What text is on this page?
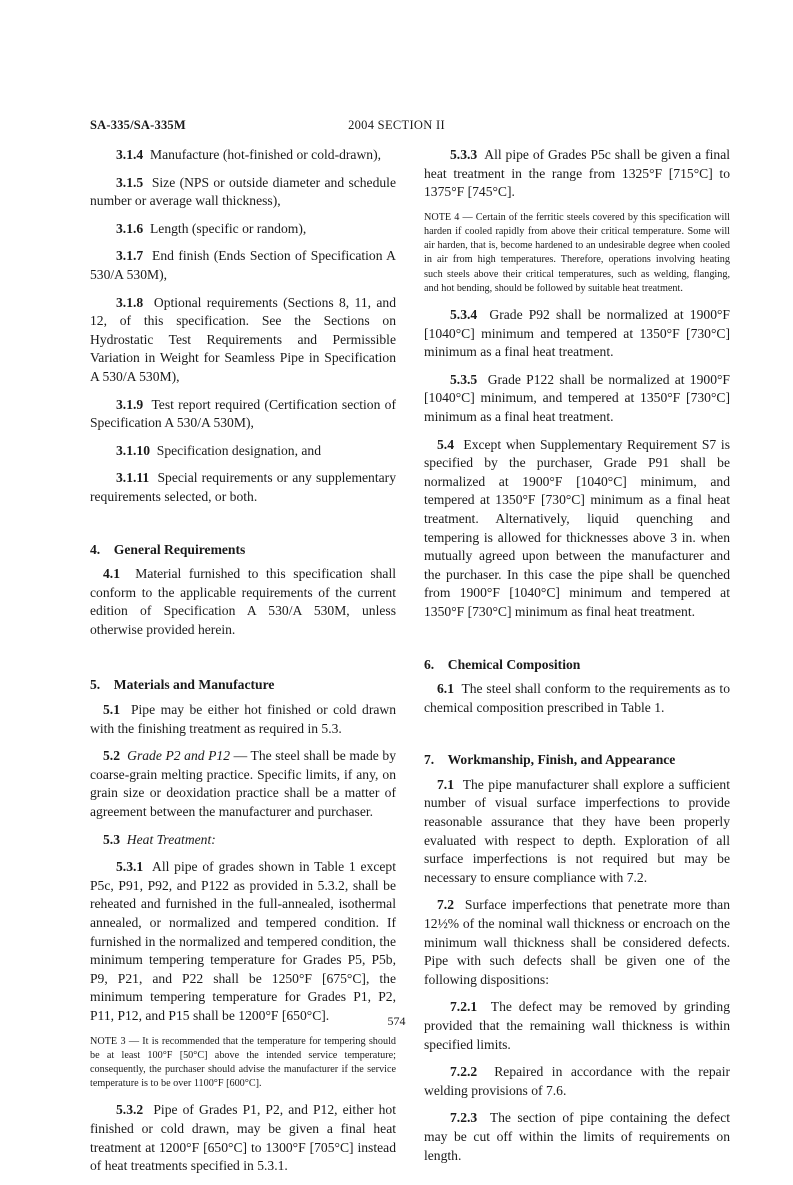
SA-335/SA-335M	2004 SECTION II

3.1.4 Manufacture (hot-finished or cold-drawn),

3.1.5 Size (NPS or outside diameter and schedule number or average wall thickness),

3.1.6 Length (specific or random),

3.1.7 End finish (Ends Section of Specification A 530/A 530M),

3.1.8 Optional requirements (Sections 8, 11, and 12, of this specification. See the Sections on Hydrostatic Test Requirements and Permissible Variation in Weight for Seamless Pipe in Specification A 530/A 530M),

3.1.9 Test report required (Certification section of Specification A 530/A 530M),

3.1.10 Specification designation, and

3.1.11 Special requirements or any supplementary requirements selected, or both.

4. General Requirements

4.1 Material furnished to this specification shall conform to the applicable requirements of the current edition of Specification A 530/A 530M, unless otherwise provided herein.

5. Materials and Manufacture

5.1 Pipe may be either hot finished or cold drawn with the finishing treatment as required in 5.3.

5.2 Grade P2 and P12 — The steel shall be made by coarse-grain melting practice. Specific limits, if any, on grain size or deoxidation practice shall be a matter of agreement between the manufacturer and purchaser.

5.3 Heat Treatment:

5.3.1 All pipe of grades shown in Table 1 except P5c, P91, P92, and P122 as provided in 5.3.2, shall be reheated and furnished in the full-annealed, isothermal annealed, or normalized and tempered condition. If furnished in the normalized and tempered condition, the minimum tempering temperature for Grades P5, P5b, P9, P21, and P22 shall be 1250°F [675°C], the minimum tempering temperature for Grades P1, P2, P11, P12, and P15 shall be 1200°F [650°C].

NOTE 3 — It is recommended that the temperature for tempering should be at least 100°F [50°C] above the intended service temperature; consequently, the purchaser should advise the manufacturer if the service temperature is to be over 1100°F [600°C].

5.3.2 Pipe of Grades P1, P2, and P12, either hot finished or cold drawn, may be given a final heat treatment at 1200°F [650°C] to 1300°F [705°C] instead of heat treatments specified in 5.3.1.

5.3.3 All pipe of Grades P5c shall be given a final heat treatment in the range from 1325°F [715°C] to 1375°F [745°C].

NOTE 4 — Certain of the ferritic steels covered by this specification will harden if cooled rapidly from above their critical temperature. Some will air harden, that is, become hardened to an undesirable degree when cooled in air from high temperatures. Therefore, operations involving heating such steels above their critical temperatures, such as welding, flanging, and hot bending, should be followed by suitable heat treatment.

5.3.4 Grade P92 shall be normalized at 1900°F [1040°C] minimum and tempered at 1350°F [730°C] minimum as a final heat treatment.

5.3.5 Grade P122 shall be normalized at 1900°F [1040°C] minimum, and tempered at 1350°F [730°C] minimum as a final heat treatment.

5.4 Except when Supplementary Requirement S7 is specified by the purchaser, Grade P91 shall be normalized at 1900°F [1040°C] minimum, and tempered at 1350°F [730°C] minimum as a final heat treatment. Alternatively, liquid quenching and tempering is allowed for thicknesses above 3 in. when mutually agreed upon between the manufacturer and the purchaser. In this case the pipe shall be quenched from 1900°F [1040°C] minimum and tempered at 1350°F [730°C] minimum as final heat treatment.

6. Chemical Composition

6.1 The steel shall conform to the requirements as to chemical composition prescribed in Table 1.

7. Workmanship, Finish, and Appearance

7.1 The pipe manufacturer shall explore a sufficient number of visual surface imperfections to provide reasonable assurance that they have been properly evaluated with respect to depth. Exploration of all surface imperfections is not required but may be necessary to ensure compliance with 7.2.

7.2 Surface imperfections that penetrate more than 12½% of the nominal wall thickness or encroach on the minimum wall thickness shall be considered defects. Pipe with such defects shall be given one of the following dispositions:

7.2.1 The defect may be removed by grinding provided that the remaining wall thickness is within specified limits.

7.2.2 Repaired in accordance with the repair welding provisions of 7.6.

7.2.3 The section of pipe containing the defect may be cut off within the limits of requirements on length.

574
